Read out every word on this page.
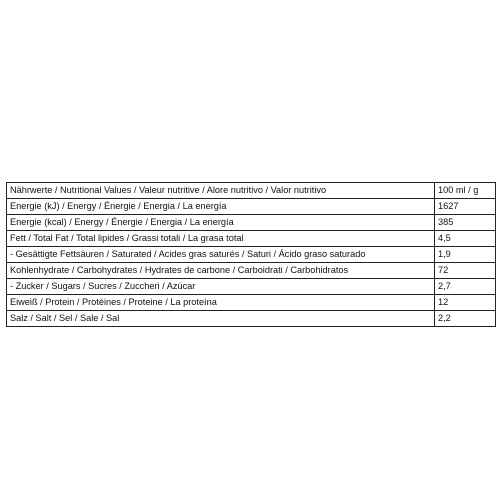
Nährwerte / Nutritional Values / Valeur nutritive / Alore nutritivo / Valor nutritivo	100 ml / g
Energie (kJ) / Energy / Énergie / Energia / La energía	1627
Energie (kcal) / Energy / Énergie / Energia / La energía	385
Fett / Total Fat / Total lipides / Grassi totali / La grasa total	4,5
- Gesättigte Fettsäuren / Saturated / Acides gras saturés / Saturi / Ácido graso saturado	1,9
Kohlenhydrate / Carbohydrates / Hydrates de carbone / Carboidrati / Carbohidratos	72
- Zucker / Sugars / Sucres / Zuccheri / Azúcar	2,7
Eiweiß / Protein / Protéines / Proteine / La proteína	12
Salz / Salt / Sel / Sale / Sal	2,2
